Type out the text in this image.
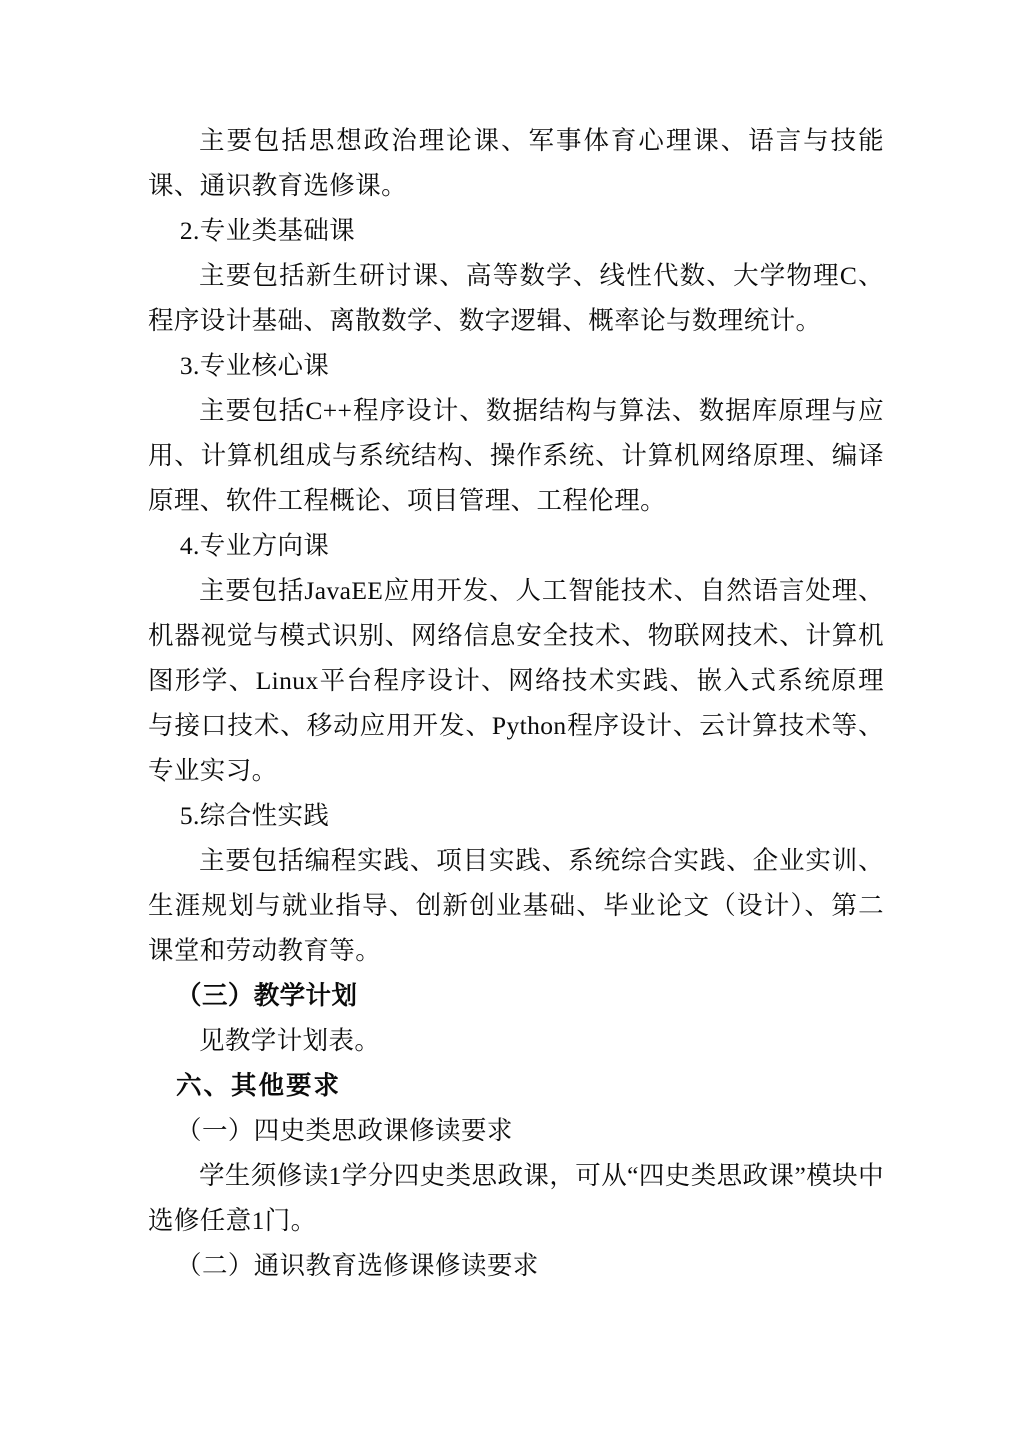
主要包括思想政治理论课、军事体育心理课、语言与技能课、通识教育选修课。

2.专业类基础课

主要包括新生研讨课、高等数学、线性代数、大学物理C、程序设计基础、离散数学、数字逻辑、概率论与数理统计。

3.专业核心课

主要包括C++程序设计、数据结构与算法、数据库原理与应用、计算机组成与系统结构、操作系统、计算机网络原理、编译原理、软件工程概论、项目管理、工程伦理。

4.专业方向课

主要包括JavaEE应用开发、人工智能技术、自然语言处理、机器视觉与模式识别、网络信息安全技术、物联网技术、计算机图形学、Linux平台程序设计、网络技术实践、嵌入式系统原理与接口技术、移动应用开发、Python程序设计、云计算技术等、专业实习。

5.综合性实践

主要包括编程实践、项目实践、系统综合实践、企业实训、生涯规划与就业指导、创新创业基础、毕业论文（设计）、第二课堂和劳动教育等。

（三）教学计划

见教学计划表。

六、其他要求

（一）四史类思政课修读要求

学生须修读1学分四史类思政课，可从“四史类思政课”模块中选修任意1门。

（二）通识教育选修课修读要求
